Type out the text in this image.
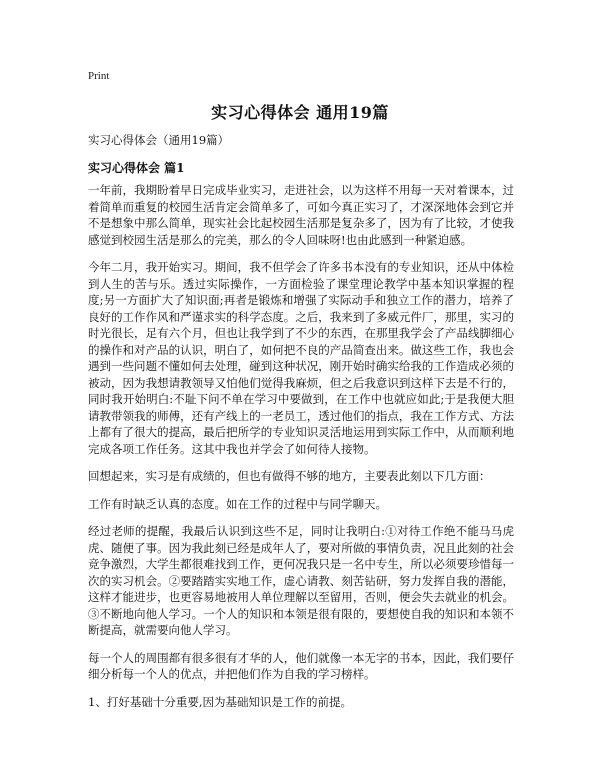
Print
实习心得体会 通用19篇
实习心得体会（通用19篇）
实习心得体会 篇1

一年前，我期盼着早日完成毕业实习，走进社会，以为这样不用每一天对着课本，过着简单而重复的校园生活肯定会简单多了，可如今真正实习了，才深深地体会到它并不是想象中那么简单，现实社会比起校园生活那是复杂多了，因为有了比较，才使我感觉到校园生活是那么的完美，那么的令人回味呀!也由此感到一种紧迫感。

今年二月，我开始实习。期间，我不但学会了许多书本没有的专业知识，还从中体检到人生的苦与乐。透过实际操作，一方面检验了课堂理论教学中基本知识掌握的程度;另一方面扩大了知识面;再者是锻炼和增强了实际动手和独立工作的潜力，培养了良好的工作作风和严谨求实的科学态度。之后，我来到了多威元件厂，那里，实习的时光很长，足有六个月，但也让我学到了不少的东西，在那里我学会了产品线脚细心的操作和对产品的认识，明白了，如何把不良的产品简查出来。做这些工作，我也会遇到一些问题不懂如何去处理，碰到这种状况，刚开始时确实给我的工作造成必须的被动，因为我想请教领导又怕他们觉得我麻烦，但之后我意识到这样下去是不行的，同时我开始明白:不耻下问不单在学习中要做到，在工作中也就应如此;于是我便大胆请教带领我的师傅，还有产线上的一老员工，透过他们的指点，我在工作方式、方法上都有了很大的提高，最后把所学的专业知识灵活地运用到实际工作中，从而顺利地完成各项工作任务。这其中我也并学会了如何待人接物。

回想起来，实习是有成绩的，但也有做得不够的地方，主要表此刻以下几方面：

工作有时缺乏认真的态度。如在工作的过程中与同学聊天。

经过老师的提醒，我最后认识到这些不足，同时让我明白:①对待工作绝不能马马虎虎、随便了事。因为我此刻已经是成年人了，要对所做的事情负责，况且此刻的社会竞争激烈，大学生都很难找到工作，更何况我只是一名中专生，所以必须要珍惜每一次的实习机会。②要踏踏实实地工作，虚心请教、刻苦钻研，努力发挥自我的潜能，这样才能进步，也更容易地被用人单位理解以至留用，否则，便会失去就业的机会。③不断地向他人学习。一个人的知识和本领是很有限的，要想使自我的知识和本领不断提高，就需要向他人学习。

每一个人的周围都有很多很有才华的人，他们就像一本无字的书本，因此，我们要仔细分析每一个人的优点，并把他们作为自我的学习榜样。

1、打好基础十分重要,因为基础知识是工作的前提。
